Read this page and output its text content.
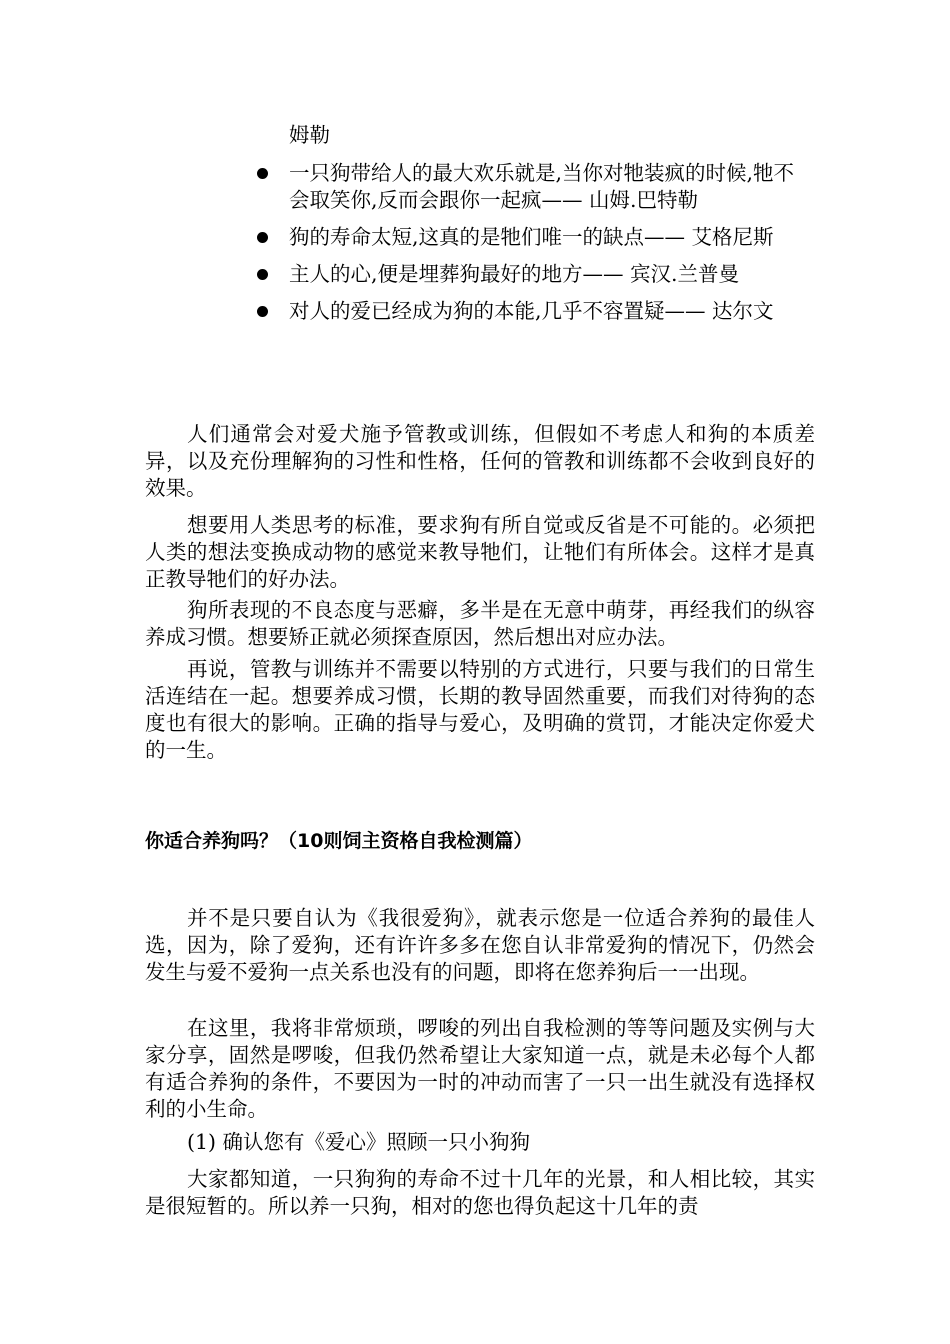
姆勒

一只狗带给人的最大欢乐就是,当你对牠装疯的时候,牠不会取笑你,反而会跟你一起疯—— 山姆.巴特勒
狗的寿命太短,这真的是牠们唯一的缺点—— 艾格尼斯
主人的心,便是埋葬狗最好的地方—— 宾汉.兰普曼
对人的爱已经成为狗的本能,几乎不容置疑—— 达尔文

人们通常会对爱犬施予管教或训练，但假如不考虑人和狗的本质差异，以及充份理解狗的习性和性格，任何的管教和训练都不会收到良好的效果。

想要用人类思考的标准，要求狗有所自觉或反省是不可能的。必须把人类的想法变换成动物的感觉来教导牠们，让牠们有所体会。这样才是真正教导牠们的好办法。

狗所表现的不良态度与恶癖，多半是在无意中萌芽，再经我们的纵容养成习惯。想要矫正就必须探查原因，然后想出对应办法。

再说，管教与训练并不需要以特别的方式进行，只要与我们的日常生活连结在一起。想要养成习惯，长期的教导固然重要，而我们对待狗的态度也有很大的影响。正确的指导与爱心，及明确的赏罚，才能决定你爱犬的一生。

你适合养狗吗？（10则饲主资格自我检测篇）

并不是只要自认为《我很爱狗》，就表示您是一位适合养狗的最佳人选，因为，除了爱狗，还有许许多多在您自认非常爱狗的情况下，仍然会发生与爱不爱狗一点关系也没有的问题，即将在您养狗后一一出现。

在这里，我将非常烦琐，啰唆的列出自我检测的等等问题及实例与大家分享，固然是啰唆，但我仍然希望让大家知道一点，就是未必每个人都有适合养狗的条件，不要因为一时的冲动而害了一只一出生就没有选择权利的小生命。

(1) 确认您有《爱心》照顾一只小狗狗

大家都知道，一只狗狗的寿命不过十几年的光景，和人相比较，其实是很短暂的。所以养一只狗，相对的您也得负起这十几年的责
